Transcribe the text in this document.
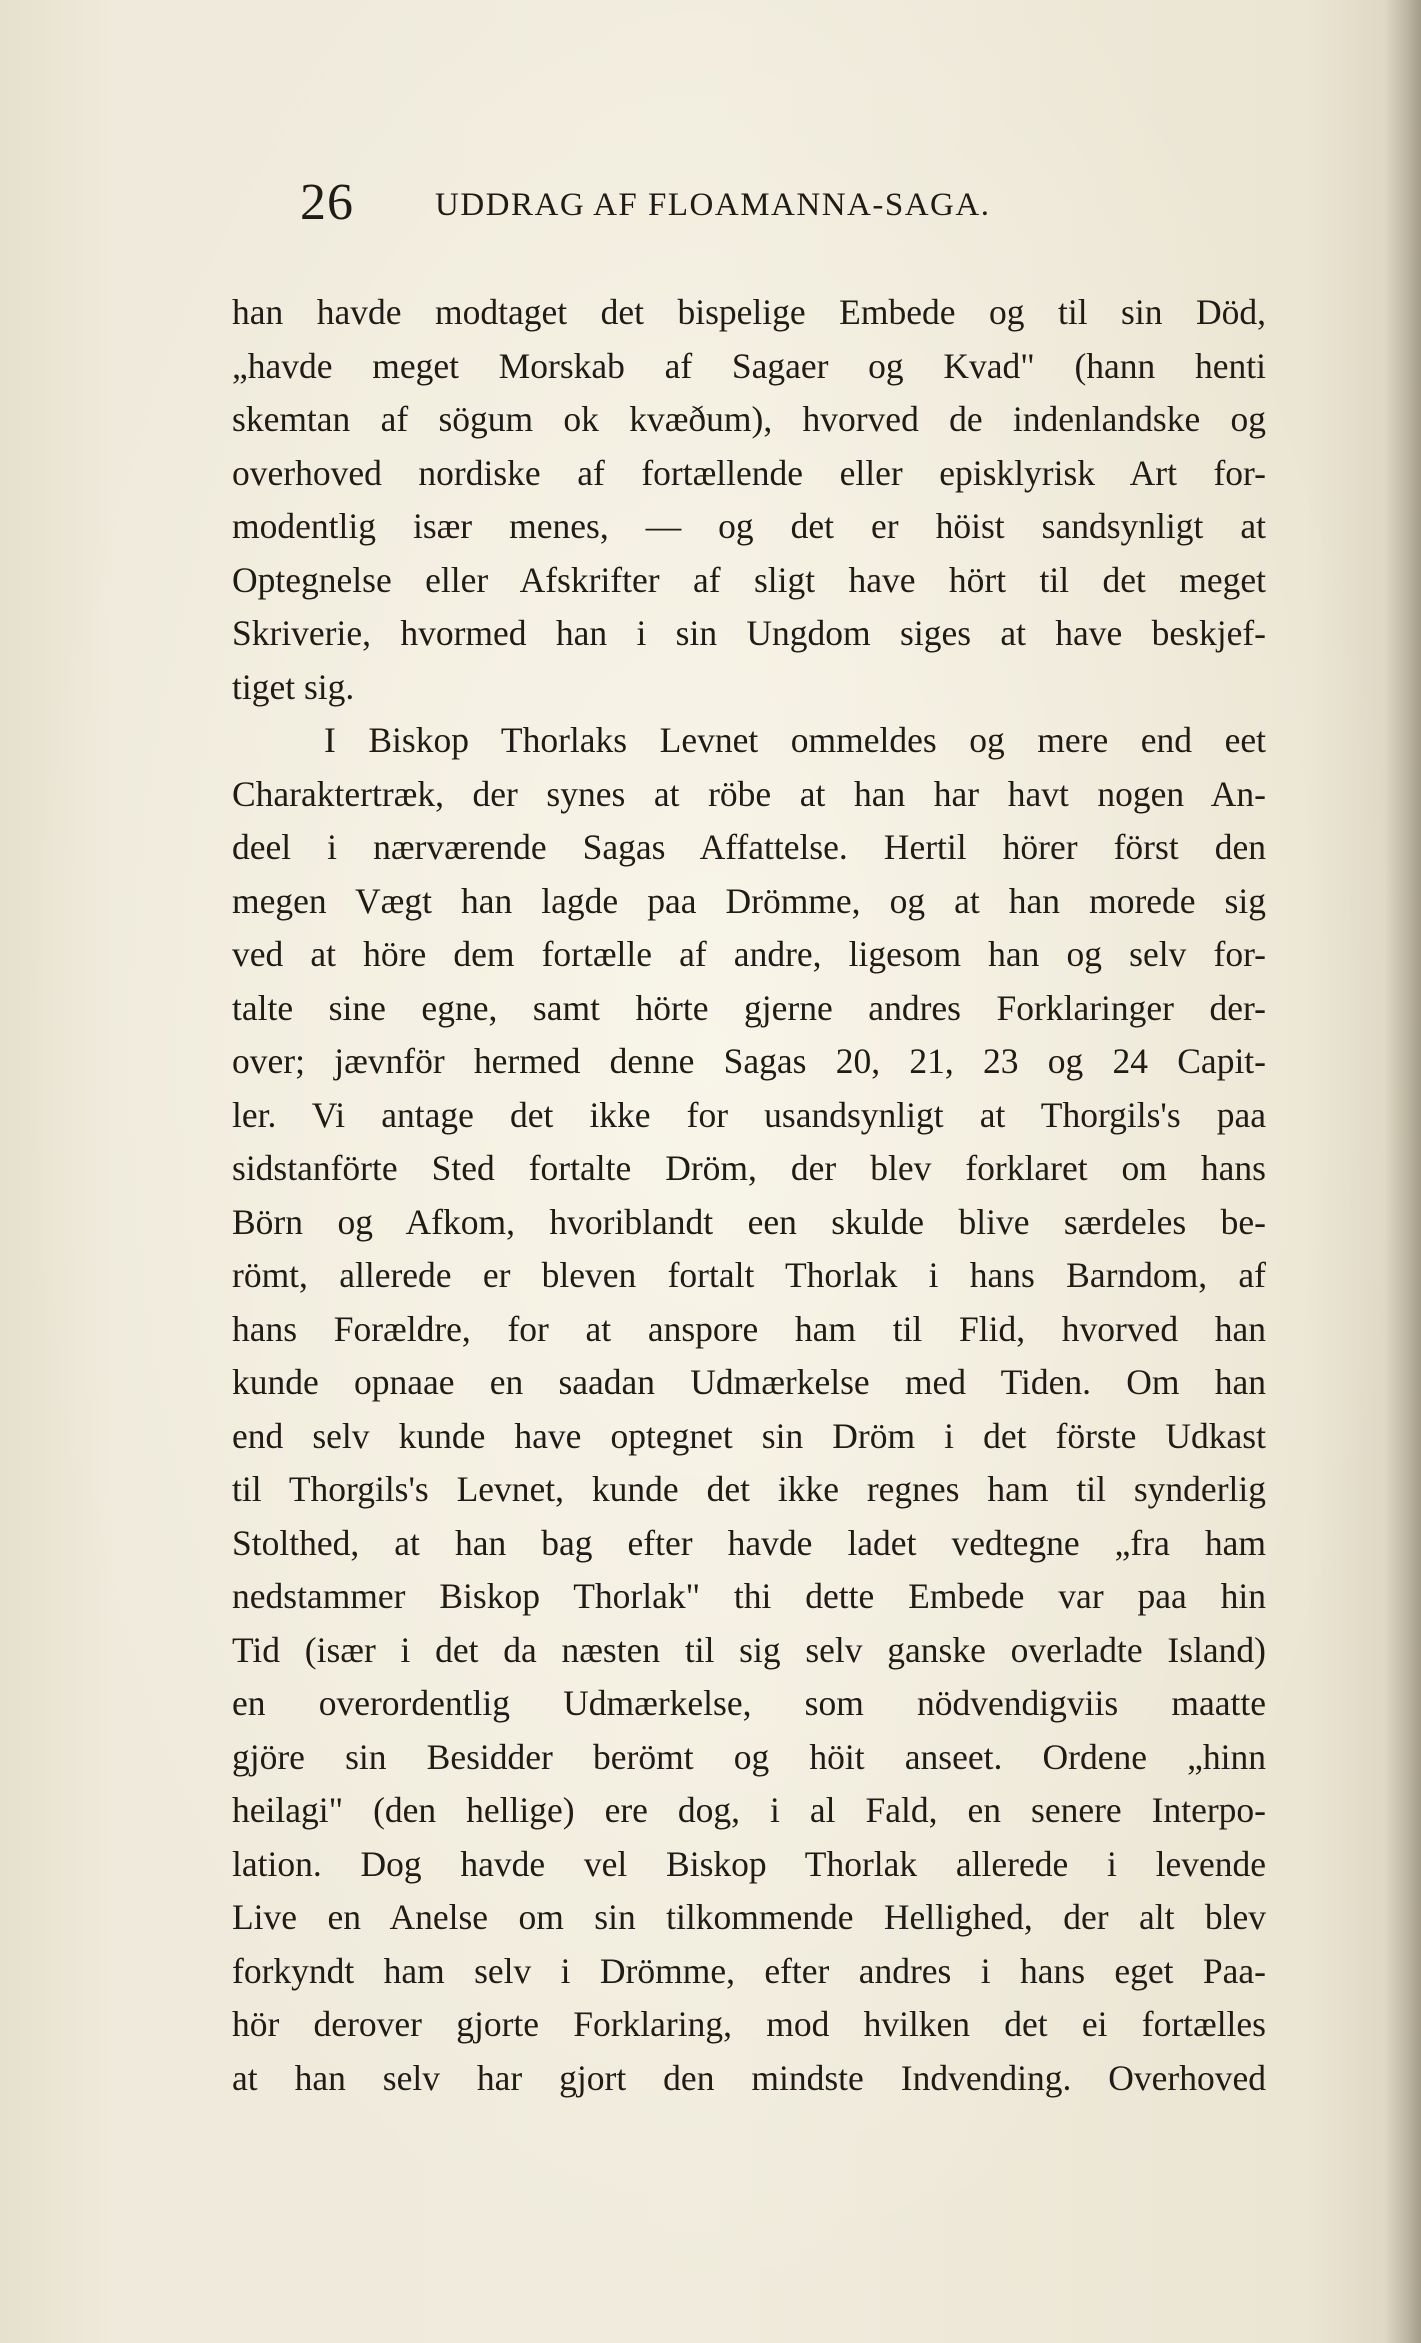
26 UDDRAG AF FLOAMANNA-SAGA.
han havde modtaget det bispelige Embede og til sin Död,
„havde meget Morskab af Sagaer og Kvad" (hann henti
skemtan af sögum ok kvæðum), hvorved de indenlandske og
overhoved nordiske af fortællende eller episklyrisk Art for-
modentlig især menes, — og det er höist sandsynligt at
Optegnelse eller Afskrifter af sligt have hört til det meget
Skriverie, hvormed han i sin Ungdom siges at have beskjef-
tiget sig.
I Biskop Thorlaks Levnet ommeldes og mere end eet
Charaktertræk, der synes at röbe at han har havt nogen An-
deel i nærværende Sagas Affattelse. Hertil hörer först den
megen Vægt han lagde paa Drömme, og at han morede sig
ved at höre dem fortælle af andre, ligesom han og selv for-
talte sine egne, samt hörte gjerne andres Forklaringer der-
over; jævnför hermed denne Sagas 20, 21, 23 og 24 Capit-
ler. Vi antage det ikke for usandsynligt at Thorgils's paa
sidstanförte Sted fortalte Dröm, der blev forklaret om hans
Börn og Afkom, hvoriblandt een skulde blive særdeles be-
römt, allerede er bleven fortalt Thorlak i hans Barndom, af
hans Forældre, for at anspore ham til Flid, hvorved han
kunde opnaae en saadan Udmærkelse med Tiden. Om han
end selv kunde have optegnet sin Dröm i det förste Udkast
til Thorgils's Levnet, kunde det ikke regnes ham til synderlig
Stolthed, at han bag efter havde ladet vedtegne „fra ham
nedstammer Biskop Thorlak" thi dette Embede var paa hin
Tid (især i det da næsten til sig selv ganske overladte Island)
en overordentlig Udmærkelse, som nödvendigviis maatte
gjöre sin Besidder berömt og höit anseet. Ordene „hinn
heilagi" (den hellige) ere dog, i al Fald, en senere Interpo-
lation. Dog havde vel Biskop Thorlak allerede i levende
Live en Anelse om sin tilkommende Hellighed, der alt blev
forkyndt ham selv i Drömme, efter andres i hans eget Paa-
hör derover gjorte Forklaring, mod hvilken det ei fortælles
at han selv har gjort den mindste Indvending. Overhoved
